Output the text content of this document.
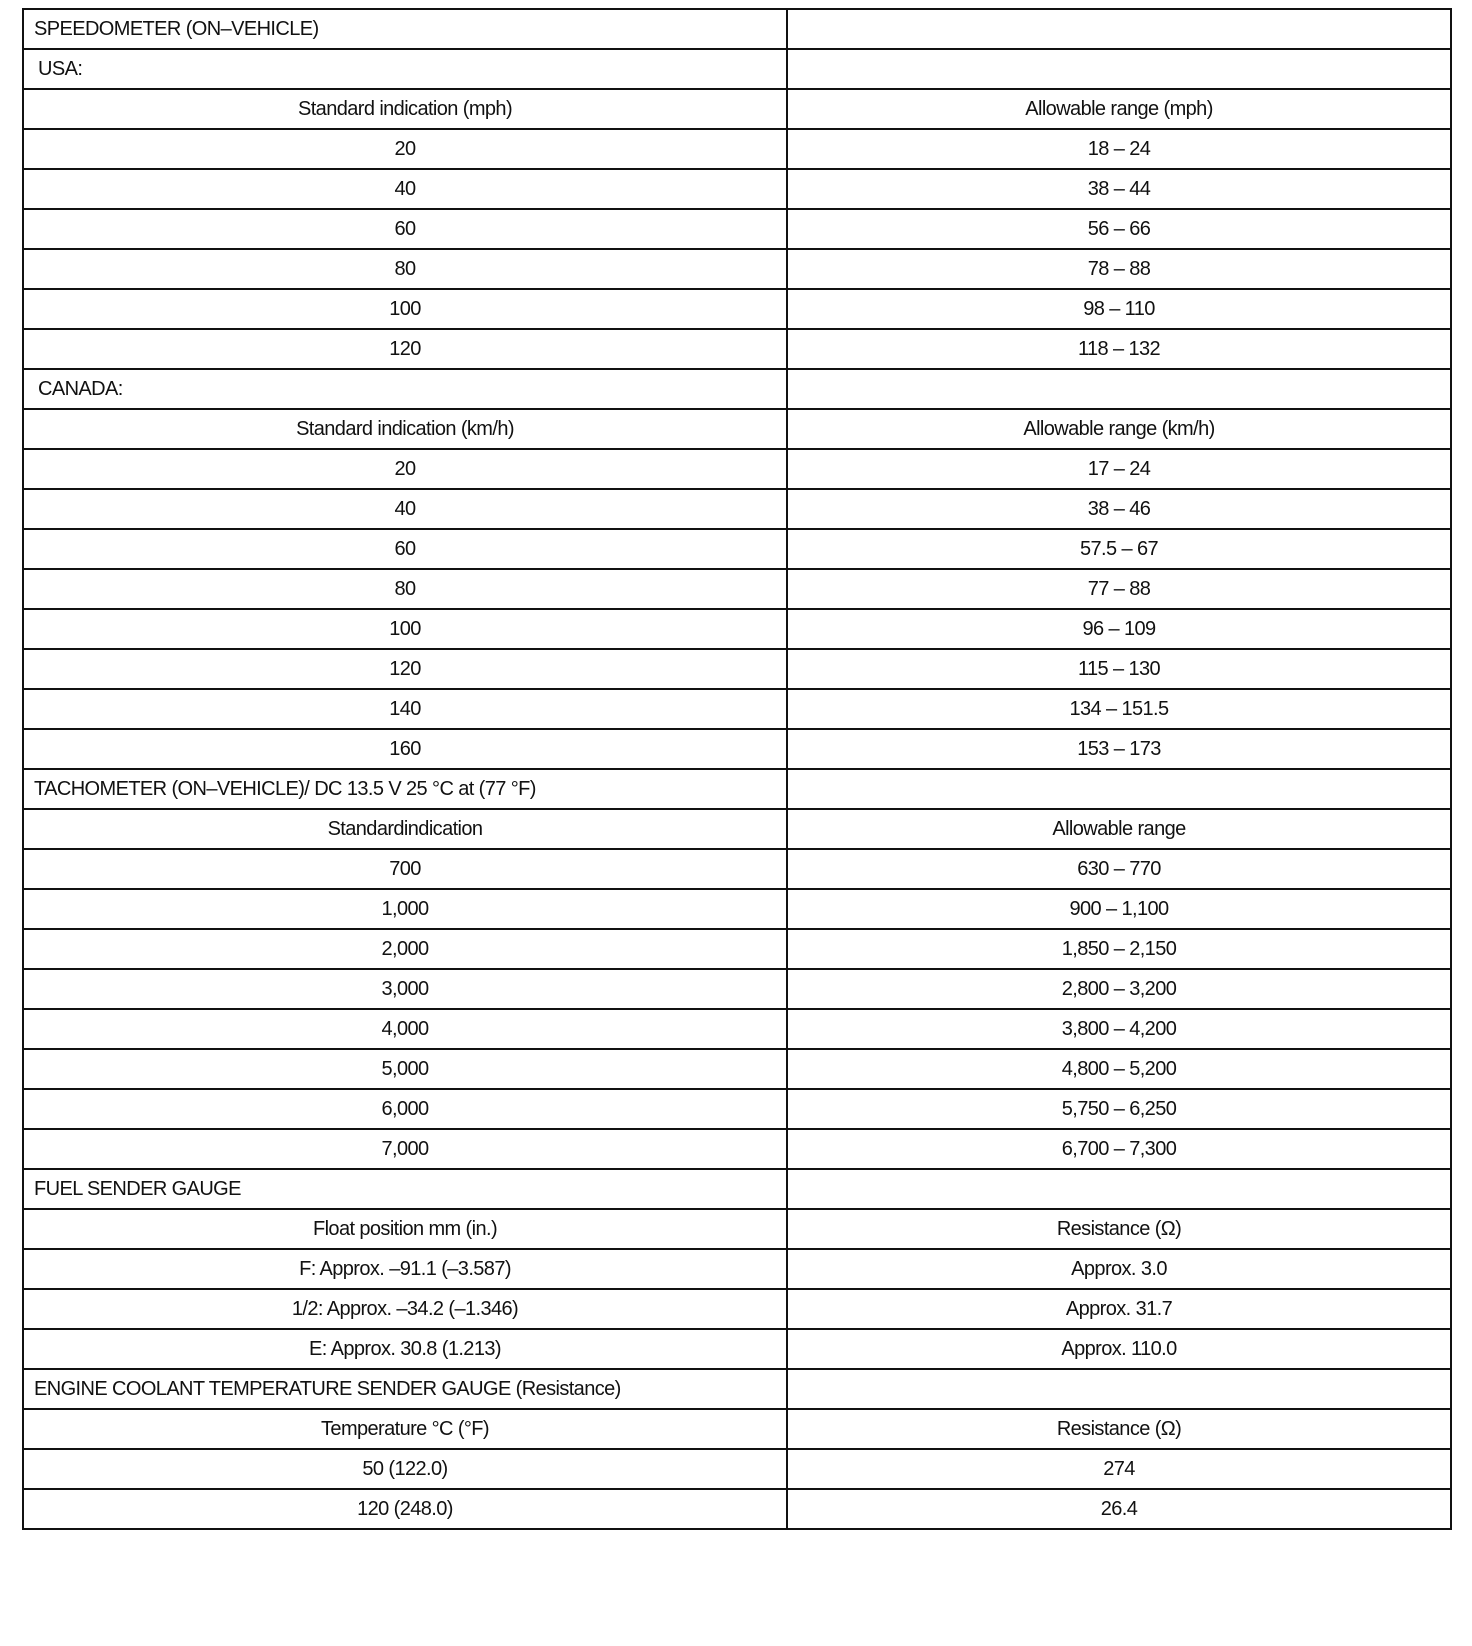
SPEEDOMETER (ON–VEHICLE)	
USA:	
Standard indication (mph)	Allowable range (mph)
20	18 – 24
40	38 – 44
60	56 – 66
80	78 – 88
100	98 – 110
120	118 – 132
CANADA:	
Standard indication (km/h)	Allowable range (km/h)
20	17 – 24
40	38 – 46
60	57.5 – 67
80	77 – 88
100	96 – 109
120	115 – 130
140	134 – 151.5
160	153 – 173
TACHOMETER (ON–VEHICLE)/ DC 13.5 V 25 °C at (77 °F)	
Standardindication	Allowable range
700	630 – 770
1,000	900 – 1,100
2,000	1,850 – 2,150
3,000	2,800 – 3,200
4,000	3,800 – 4,200
5,000	4,800 – 5,200
6,000	5,750 – 6,250
7,000	6,700 – 7,300
FUEL SENDER GAUGE	
Float position mm (in.)	Resistance (Ω)
F: Approx. –91.1 (–3.587)	Approx. 3.0
1/2: Approx. –34.2 (–1.346)	Approx. 31.7
E: Approx. 30.8 (1.213)	Approx. 110.0
ENGINE COOLANT TEMPERATURE SENDER GAUGE (Resistance)	
Temperature °C (°F)	Resistance (Ω)
50 (122.0)	274
120 (248.0)	26.4
